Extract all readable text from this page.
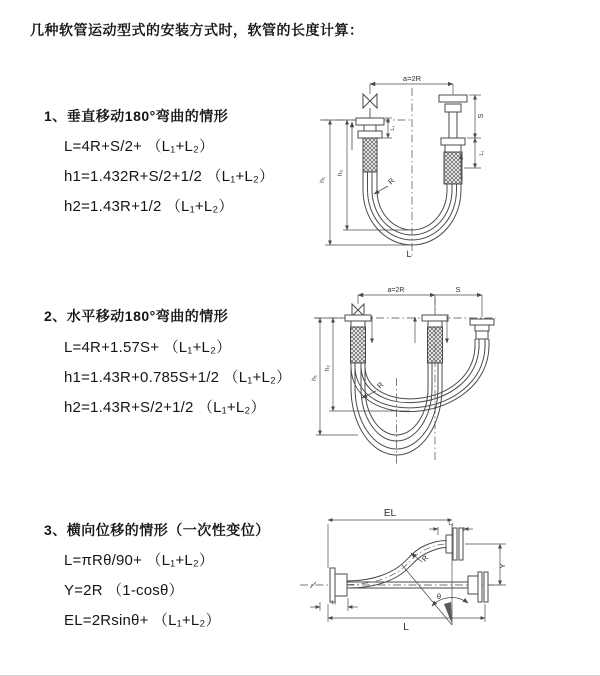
几种软管运动型式的安装方式时，软管的长度计算：
1、垂直移动180°弯曲的情形
L=4R+S/2+ （L₁+L₂）
h1=1.432R+S/2+1/2 （L₁+L₂）
h2=1.43R+1/2 （L₁+L₂）
2、水平移动180°弯曲的情形
L=4R+1.57S+ （L₁+L₂）
h1=1.43R+0.785S+1/2 （L₁+L₂）
h2=1.43R+S/2+1/2 （L₁+L₂）
3、横向位移的情形（一次性变位）
L=πRθ/90+ （L₁+L₂）
Y=2R （1-cosθ）
EL=2Rsinθ+ （L₁+L₂）
a=2R
L₁
S
L₁
h₁
h₂
R
L
a=2R	S
h₁
h₂
R
EL
L₁
Y
R
θ
L
L₁
